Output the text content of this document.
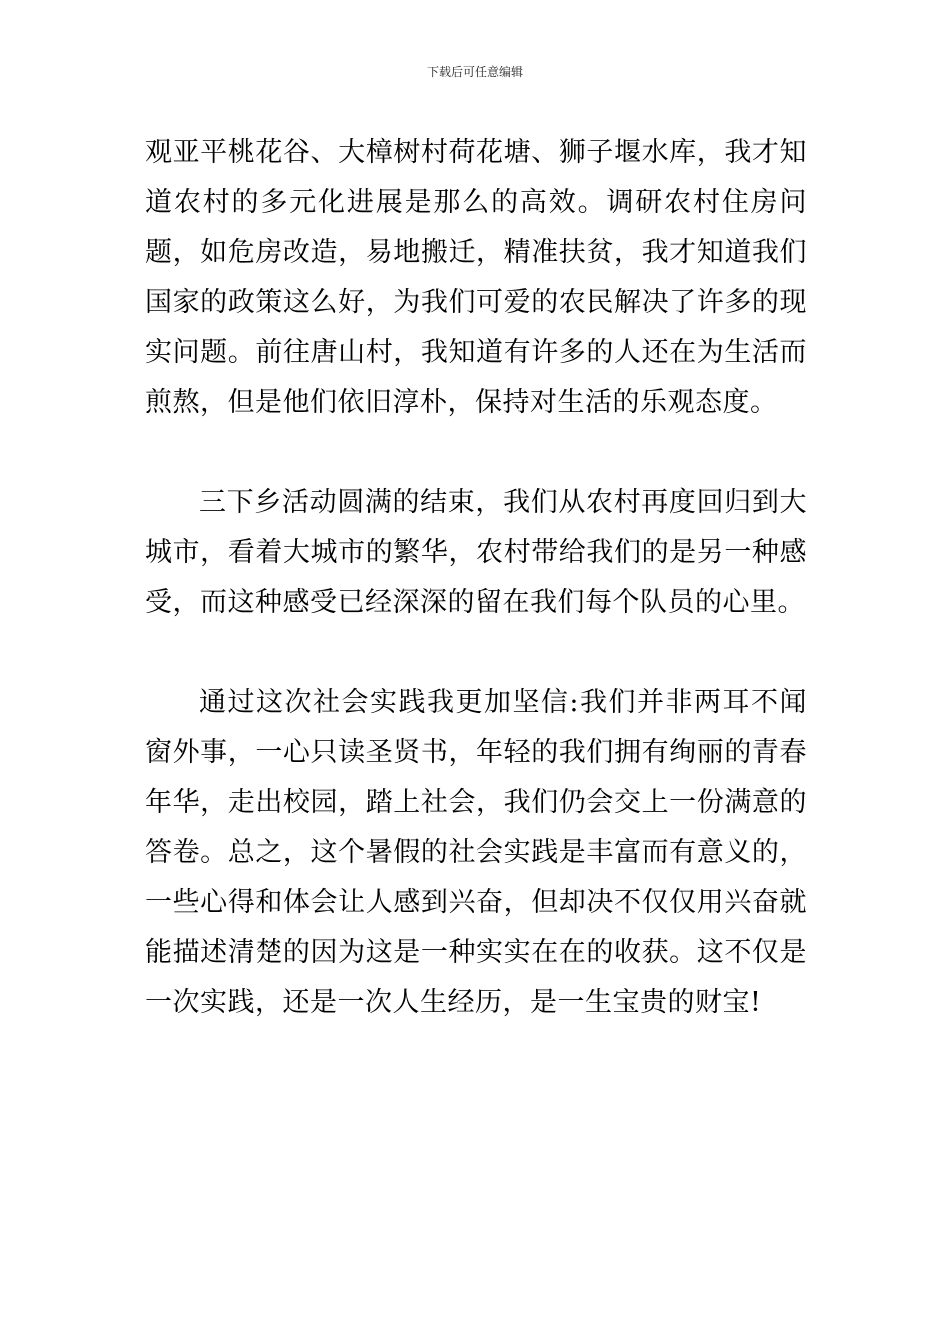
下载后可任意编辑

观亚平桃花谷、大樟树村荷花塘、狮子堰水库，我才知道农村的多元化进展是那么的高效。调研农村住房问题，如危房改造，易地搬迁，精准扶贫，我才知道我们国家的政策这么好，为我们可爱的农民解决了许多的现实问题。前往唐山村，我知道有许多的人还在为生活而煎熬，但是他们依旧淳朴，保持对生活的乐观态度。

三下乡活动圆满的结束，我们从农村再度回归到大城市，看着大城市的繁华，农村带给我们的是另一种感受，而这种感受已经深深的留在我们每个队员的心里。

通过这次社会实践我更加坚信:我们并非两耳不闻窗外事，一心只读圣贤书，年轻的我们拥有绚丽的青春年华，走出校园，踏上社会，我们仍会交上一份满意的答卷。总之，这个暑假的社会实践是丰富而有意义的，一些心得和体会让人感到兴奋，但却决不仅仅用兴奋就能描述清楚的因为这是一种实实在在的收获。这不仅是一次实践，还是一次人生经历，是一生宝贵的财宝!
